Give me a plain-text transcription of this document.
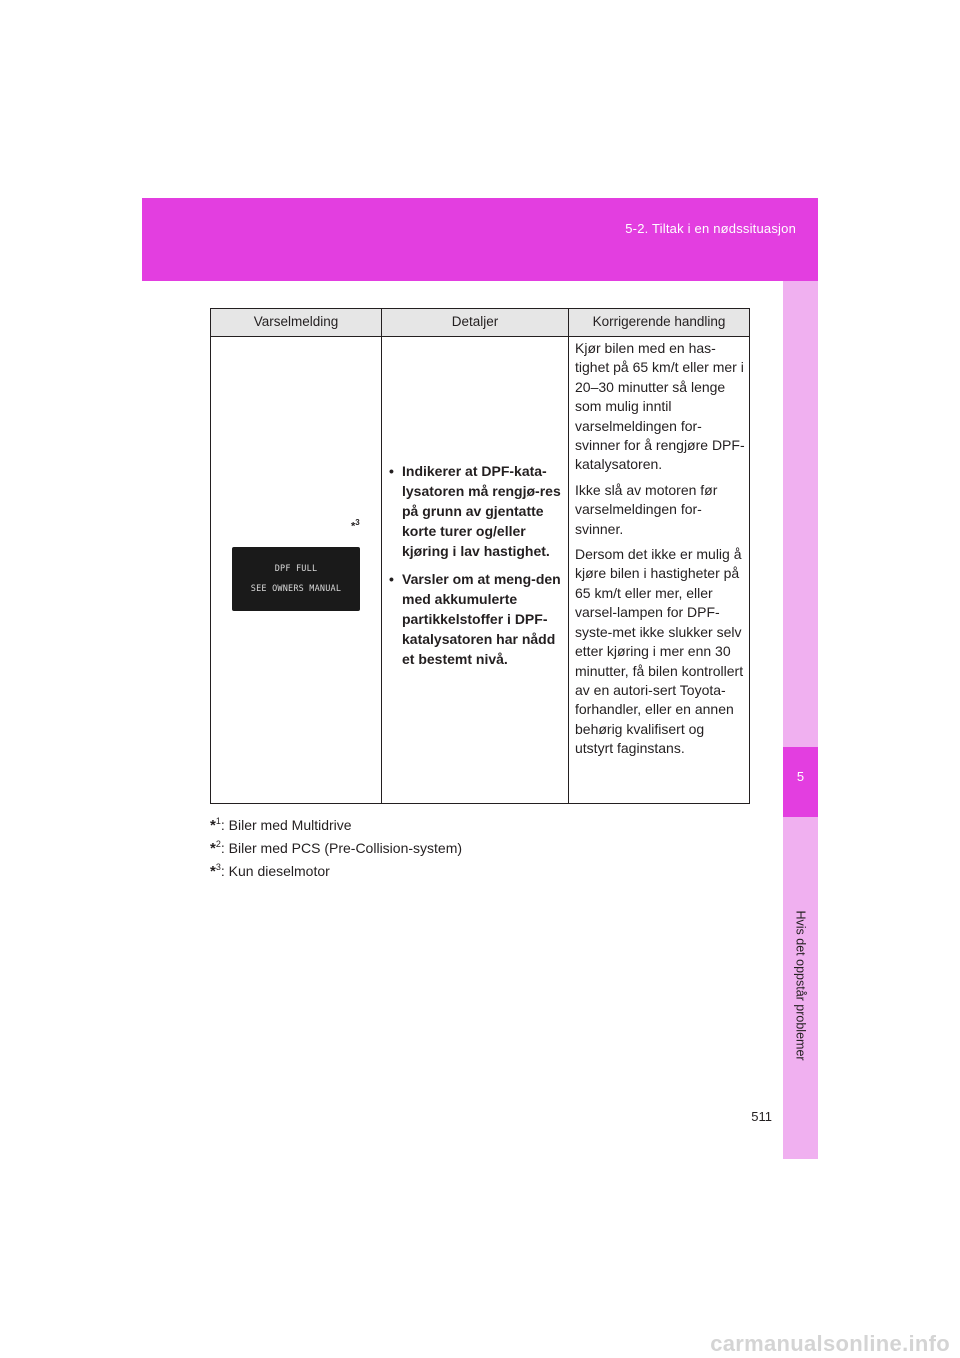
5-2. Tiltak i en nødssituasjon
5
Hvis det oppstår problemer
Varselmelding	Detaljer	Korrigerende handling
*$^3$
DPF FULL
SEE OWNERS MANUAL
• Indikerer at DPF-kata-lysatoren må rengjø-res på grunn av gjentatte korte turer og/eller kjøring i lav hastighet.
• Varsler om at meng-den med akkumulerte partikkelstoffer i DPF-katalysatoren har nådd et bestemt nivå.

Kjør bilen med en has-tighet på 65 km/t eller mer i 20–30 minutter så lenge som mulig inntil varselmeldingen for-svinner for å rengjøre DPF-katalysatoren.

Ikke slå av motoren før varselmeldingen for-svinner.

Dersom det ikke er mulig å kjøre bilen i hastigheter på 65 km/t eller mer, eller varsel-lampen for DPF-syste-met ikke slukker selv etter kjøring i mer enn 30 minutter, få bilen kontrollert av en autori-sert Toyota-forhandler, eller en annen behørig kvalifisert og utstyrt faginstans.

*$^1$: Biler med Multidrive
*$^2$: Biler med PCS (Pre-Collision-system)
*$^3$: Kun dieselmotor
511
carmanualsonline.info
